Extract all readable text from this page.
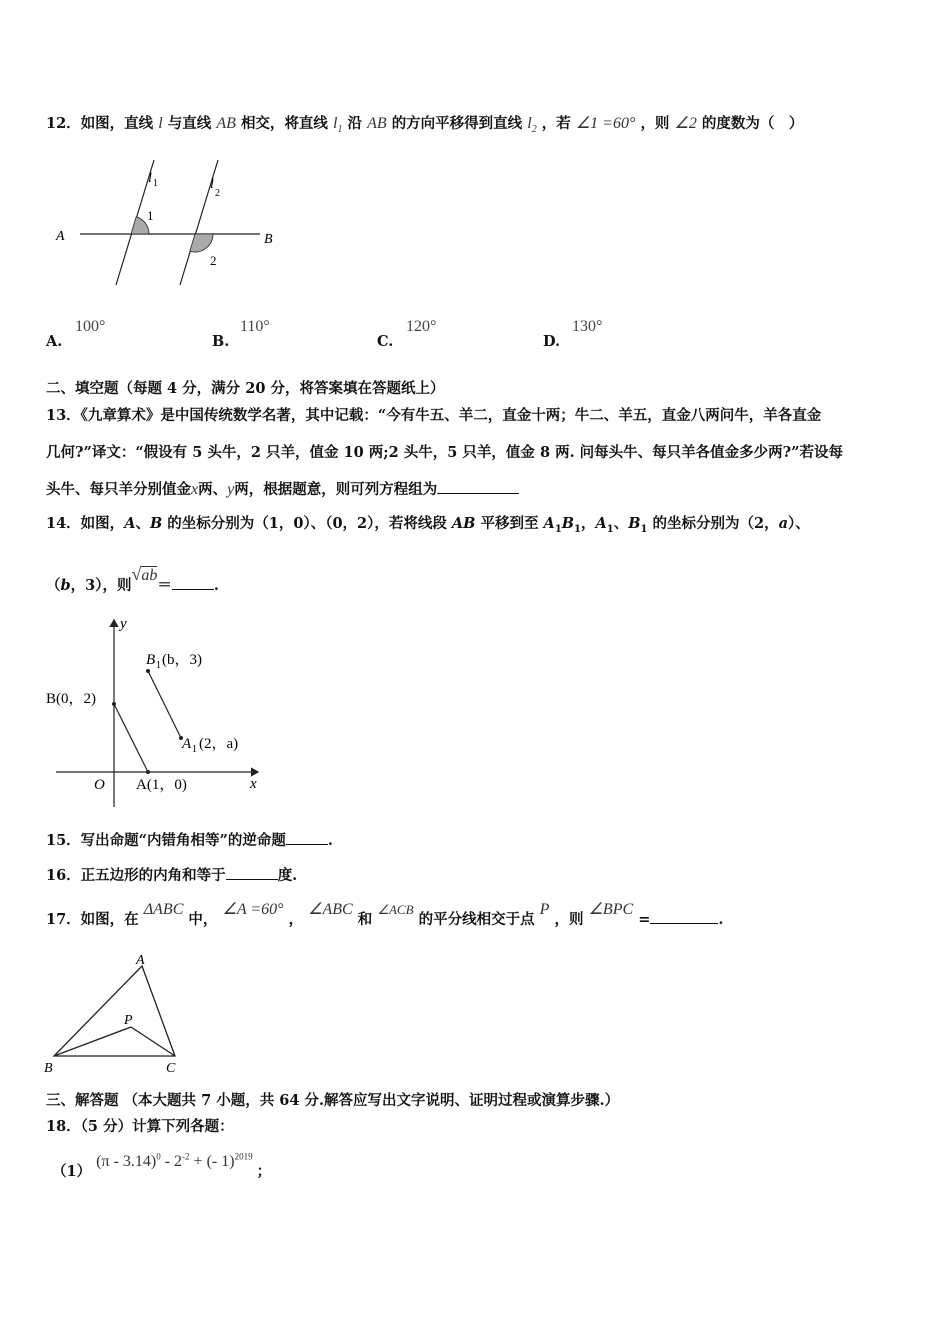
12．如图，直线 l 与直线 AB 相交，将直线 $l_1$ 沿 AB 的方向平移得到直线 $l_2$ ，若 ∠1 =60° ，则 ∠2 的度数为（　）
A	B
l 1	l
2
1
2
A.
100°
B.
110°
C.
120°
D.
130°
二、填空题（每题 4 分，满分 20 分，将答案填在答题纸上）
13．《九章算术》是中国传统数学名著，其中记载：“今有牛五、羊二，直金十两；牛二、羊五，直金八两问牛，羊各直金
几何?”译文：“假设有 5 头牛，2 只羊，值金 10 两;2 头牛，5 只羊，值金 8 两. 问每头牛、每只羊各值金多少两?”若设每
头牛、每只羊分别值金x两、y两，根据题意，则可列方程组为
14．如图，A、B 的坐标分别为（1，0）、（0，2），若将线段 AB 平移到至 $A_1B_1$，$A_1$、$B_1$ 的坐标分别为（2，a）、
（b，3），则√ab＝	.
y
x
O
B(0，2)
B 1 (b，3)
A 1 (2，a)
A(1，0)
15．写出命题“内错角相等”的逆命题	.
16．正五边形的内角和等于	度.
17．如图，在 ΔABC 中， ∠A =60° ， ∠ABC 和 ∠ACB 的平分线相交于点 P ，则 ∠BPC =	.
A
B	C
P
三、解答题 （本大题共 7 小题，共 64 分.解答应写出文字说明、证明过程或演算步骤.）
18．（5 分）计算下列各题：
（1） $(\pi - 3.14)^0 - 2^{-2}$ + (- 1)$^{2019}$ ；
